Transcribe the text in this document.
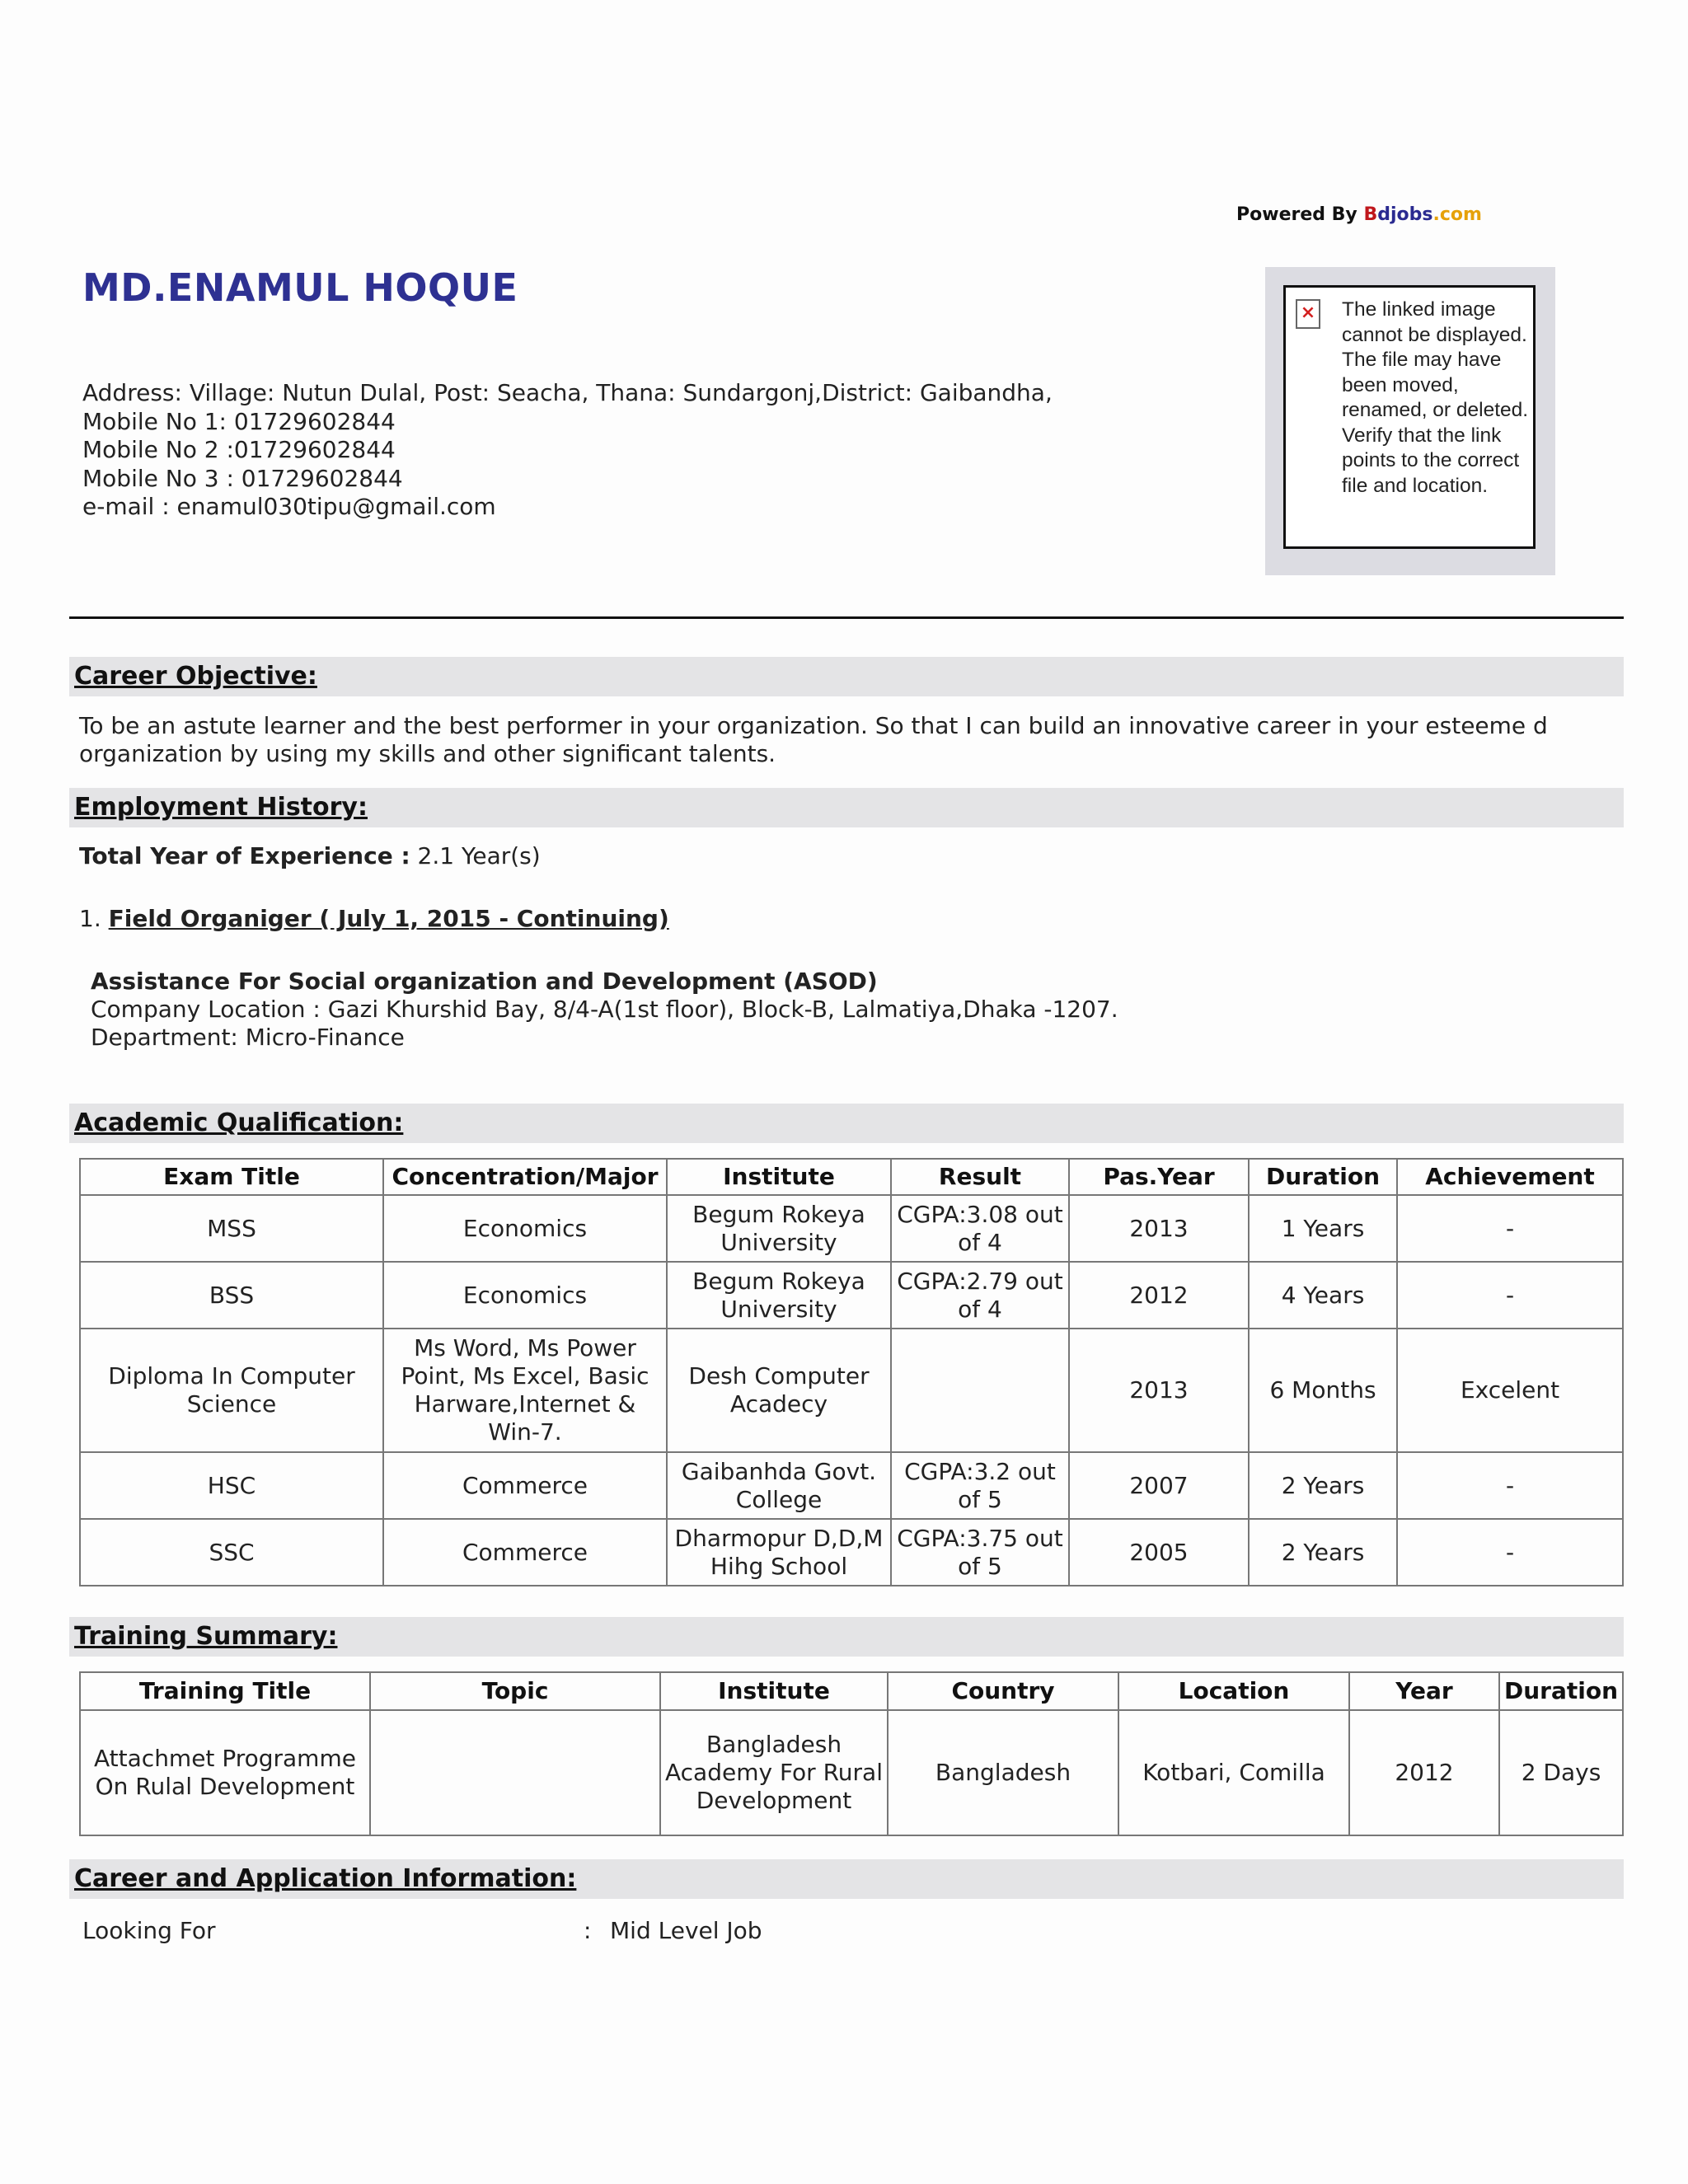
Powered By Bdjobs.com
MD.ENAMUL HOQUE
Address: Village: Nutun Dulal, Post: Seacha, Thana: Sundargonj,District: Gaibandha,
Mobile No 1: 01729602844
Mobile No 2 :01729602844
Mobile No 3 : 01729602844
e-mail : enamul030tipu@gmail.com
× The linked image cannot be displayed. The file may have been moved, renamed, or deleted. Verify that the link points to the correct file and location.
Career Objective:
To be an astute learner and the best performer in your organization. So that I can build an innovative career in your esteeme d
organization by using my skills and other significant talents.
Employment History:
Total Year of Experience : 2.1 Year(s)
1. Field Organiger ( July 1, 2015 - Continuing)
Assistance For Social organization and Development (ASOD)
Company Location : Gazi Khurshid Bay, 8/4-A(1st floor), Block-B, Lalmatiya,Dhaka -1207.
Department: Micro-Finance
Academic Qualification:
Exam Title	Concentration/Major	Institute	Result	Pas.Year	Duration	Achievement
MSS	Economics	Begum Rokeya University	CGPA:3.08 out of 4	2013	1 Years	-
BSS	Economics	Begum Rokeya University	CGPA:2.79 out of 4	2012	4 Years	-
Diploma In Computer Science	Ms Word, Ms Power Point, Ms Excel, Basic Harware,Internet & Win-7.	Desh Computer Acadecy		2013	6 Months	Excelent
HSC	Commerce	Gaibanhda Govt. College	CGPA:3.2 out of 5	2007	2 Years	-
SSC	Commerce	Dharmopur D,D,M Hihg School	CGPA:3.75 out of 5	2005	2 Years	-
Training Summary:
Training Title	Topic	Institute	Country	Location	Year	Duration
Attachmet Programme On Rulal Development		Bangladesh Academy For Rural Development	Bangladesh	Kotbari, Comilla	2012	2 Days
Career and Application Information:
Looking For	: Mid Level Job
